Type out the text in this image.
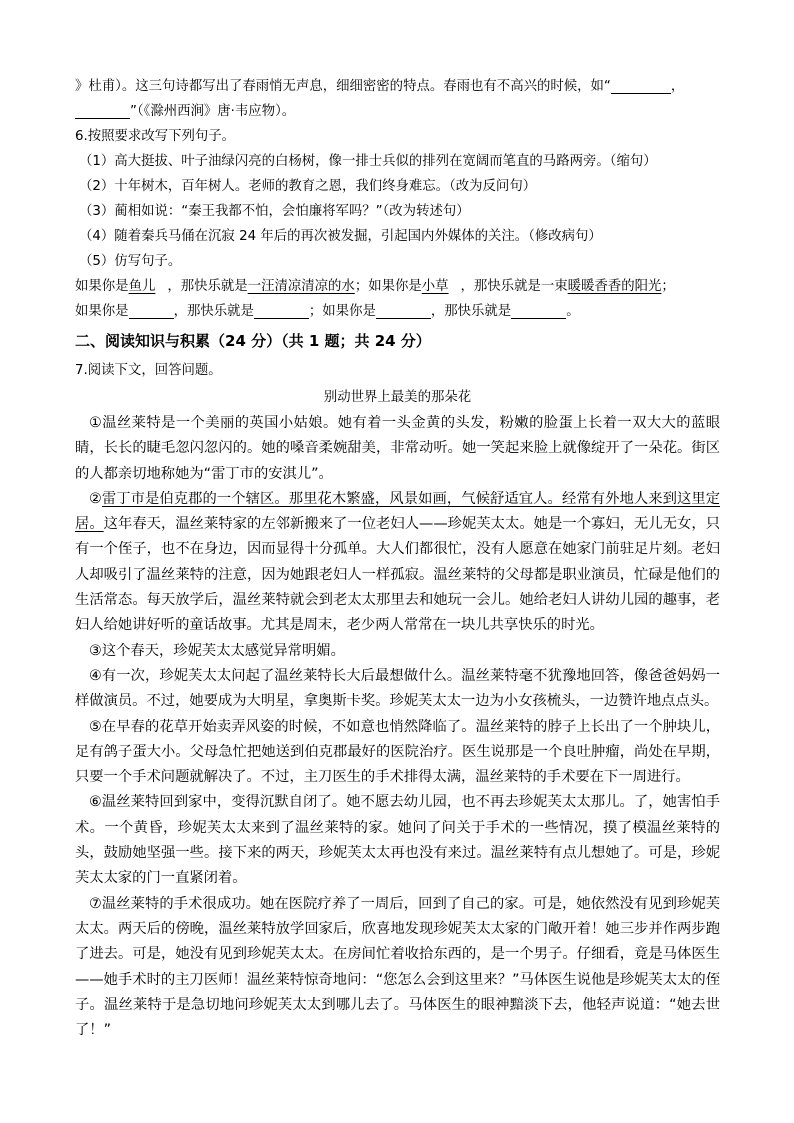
》杜甫）。这三句诗都写出了春雨悄无声息，细细密密的特点。春雨也有不高兴的时候，如“	，
”（《滁州西涧》唐·韦应物）。
6.按照要求改写下列句子。
（1）高大挺拔、叶子油绿闪亮的白杨树，像一排士兵似的排列在宽阔而笔直的马路两旁。（缩句）
（2）十年树木，百年树人。老师的教育之恩，我们终身难忘。（改为反问句）
（3）蔺相如说：“秦王我都不怕，会怕廉将军吗？”（改为转述句）
（4）随着秦兵马俑在沉寂 24 年后的再次被发掘，引起国内外媒体的关注。（修改病句）
（5）仿写句子。
如果你是鱼儿 ，那快乐就是一汪清凉清凉的水；如果你是小草 ，那快乐就是一束暖暖香香的阳光；
如果你是	，那快乐就是	；如果你是	，那快乐就是	。
二、阅读知识与积累（24 分）（共 1 题；共 24 分）
7.阅读下文，回答问题。
别动世界上最美的那朵花

①温丝莱特是一个美丽的英国小姑娘。她有着一头金黄的头发，粉嫩的脸蛋上长着一双大大的蓝眼睛，长长的睫毛忽闪忽闪的。她的嗓音柔婉甜美，非常动听。她一笑起来脸上就像绽开了一朵花。街区的人都亲切地称她为“雷丁市的安淇儿”。

②雷丁市是伯克郡的一个辖区。那里花木繁盛，风景如画，气候舒适宜人。经常有外地人来到这里定居。这年春天，温丝莱特家的左邻新搬来了一位老妇人——珍妮芙太太。她是一个寡妇，无儿无女，只有一个侄子，也不在身边，因而显得十分孤单。大人们都很忙，没有人愿意在她家门前驻足片刻。老妇人却吸引了温丝莱特的注意，因为她跟老妇人一样孤寂。温丝莱特的父母都是职业演员，忙碌是他们的生活常态。每天放学后，温丝莱特就会到老太太那里去和她玩一会儿。她给老妇人讲幼儿园的趣事，老妇人给她讲好听的童话故事。尤其是周末，老少两人常常在一块儿共享快乐的时光。

③这个春天，珍妮芙太太感觉异常明媚。

④有一次，珍妮芙太太问起了温丝莱特长大后最想做什么。温丝莱特毫不犹豫地回答，像爸爸妈妈一样做演员。不过，她要成为大明星，拿奥斯卡奖。珍妮芙太太一边为小女孩梳头，一边赞许地点点头。

⑤在早春的花草开始卖弄风姿的时候，不如意也悄然降临了。温丝莱特的脖子上长出了一个肿块儿，足有鸽子蛋大小。父母急忙把她送到伯克郡最好的医院治疗。医生说那是一个良吐肿瘤，尚处在早期，只要一个手术问题就解决了。不过，主刀医生的手术排得太满，温丝莱特的手术要在下一周进行。

⑥温丝莱特回到家中，变得沉默自闭了。她不愿去幼儿园，也不再去珍妮芙太太那儿。了，她害怕手术。一个黄昏，珍妮芙太太来到了温丝莱特的家。她问了问关于手术的一些情况，摸了模温丝莱特的头，鼓励她坚强一些。接下来的两天，珍妮芙太太再也没有来过。温丝莱特有点儿想她了。可是，珍妮芙太太家的门一直紧闭着。

⑦温丝莱特的手术很成功。她在医院疗养了一周后，回到了自己的家。可是，她依然没有见到珍妮芙太太。两天后的傍晚，温丝莱特放学回家后，欣喜地发现珍妮芙太太家的门敞开着！她三步并作两步跑了进去。可是，她没有见到珍妮芙太太。在房间忙着收拾东西的，是一个男子。仔细看，竟是马体医生——她手术时的主刀医师！温丝莱特惊奇地问：“您怎么会到这里来？”马体医生说他是珍妮芙太太的侄子。温丝莱特于是急切地问珍妮芙太太到哪儿去了。马体医生的眼神黯淡下去，他轻声说道：“她去世了！”
